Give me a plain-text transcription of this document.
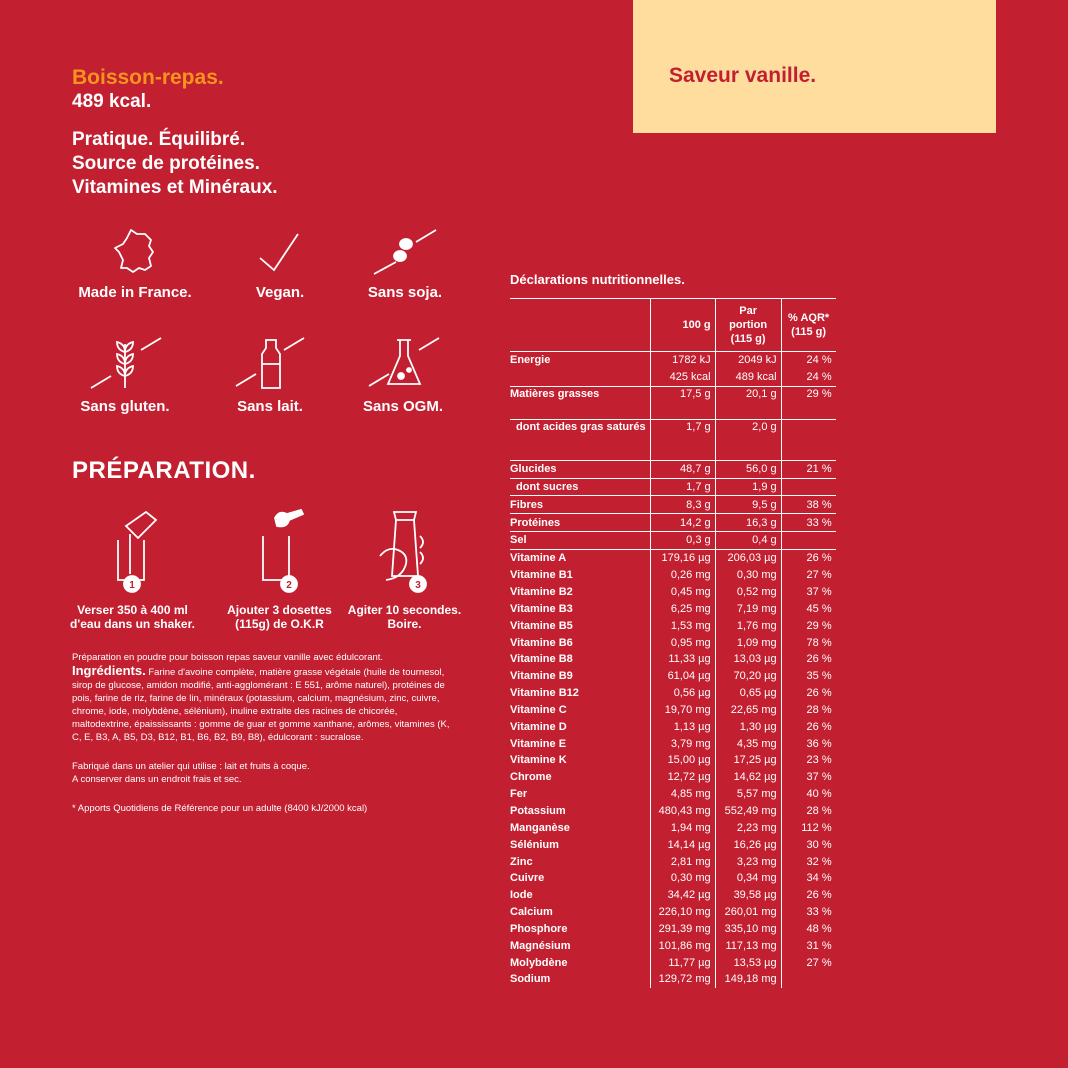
Boisson-repas.
489 kcal.
Pratique. Équilibré.
Source de protéines.
Vitamines et Minéraux.
Saveur vanille.
Made in France.	Vegan.	Sans soja.
Sans gluten.	Sans lait.	Sans OGM.
PRÉPARATION.
1
Verser 350 à 400 ml d'eau dans un shaker.
2
Ajouter 3 dosettes (115g) de O.K.R
3
Agiter 10 secondes. Boire.
Préparation en poudre pour boisson repas saveur vanille avec édulcorant.
Ingrédients. Farine d'avoine complète, matière grasse végétale (huile de tournesol, sirop de glucose, amidon modifié, anti-agglomérant : E 551, arôme naturel), protéines de pois, farine de riz, farine de lin, minéraux (potassium, calcium, magnésium, zinc, cuivre, chrome, iode, molybdène, sélénium), inuline extraite des racines de chicorée, maltodextrine, épaississants : gomme de guar et gomme xanthane, arômes, vitamines (K, C, E, B3, A, B5, D3, B12, B1, B6, B2, B9, B8), édulcorant : sucralose.
Fabriqué dans un atelier qui utilise : lait et fruits à coque.
A conserver dans un endroit frais et sec.
* Apports Quotidiens de Référence pour un adulte (8400 kJ/2000 kcal)
Déclarations nutritionnelles.
	100 g	Par portion (115 g)	% AQR* (115 g)
Energie	1782 kJ	2049 kJ	24 %
	425 kcal	489 kcal	24 %
Matières grasses	17,5 g	20,1 g	29 %
dont acides gras saturés	1,7 g	2,0 g	
Glucides	48,7 g	56,0 g	21 %
dont sucres	1,7 g	1,9 g	
Fibres	8,3 g	9,5 g	38 %
Protéines	14,2 g	16,3 g	33 %
Sel	0,3 g	0,4 g	
Vitamine A	179,16 µg	206,03 µg	26 %
Vitamine B1	0,26 mg	0,30 mg	27 %
Vitamine B2	0,45 mg	0,52 mg	37 %
Vitamine B3	6,25 mg	7,19 mg	45 %
Vitamine B5	1,53 mg	1,76 mg	29 %
Vitamine B6	0,95 mg	1,09 mg	78 %
Vitamine B8	11,33 µg	13,03 µg	26 %
Vitamine B9	61,04 µg	70,20 µg	35 %
Vitamine B12	0,56 µg	0,65 µg	26 %
Vitamine C	19,70 mg	22,65 mg	28 %
Vitamine D	1,13 µg	1,30 µg	26 %
Vitamine E	3,79 mg	4,35 mg	36 %
Vitamine K	15,00 µg	17,25 µg	23 %
Chrome	12,72 µg	14,62 µg	37 %
Fer	4,85 mg	5,57 mg	40 %
Potassium	480,43 mg	552,49 mg	28 %
Manganèse	1,94 mg	2,23 mg	112 %
Sélénium	14,14 µg	16,26 µg	30 %
Zinc	2,81 mg	3,23 mg	32 %
Cuivre	0,30 mg	0,34 mg	34 %
Iode	34,42 µg	39,58 µg	26 %
Calcium	226,10 mg	260,01 mg	33 %
Phosphore	291,39 mg	335,10 mg	48 %
Magnésium	101,86 mg	117,13 mg	31 %
Molybdène	11,77 µg	13,53 µg	27 %
Sodium	129,72 mg	149,18 mg	
